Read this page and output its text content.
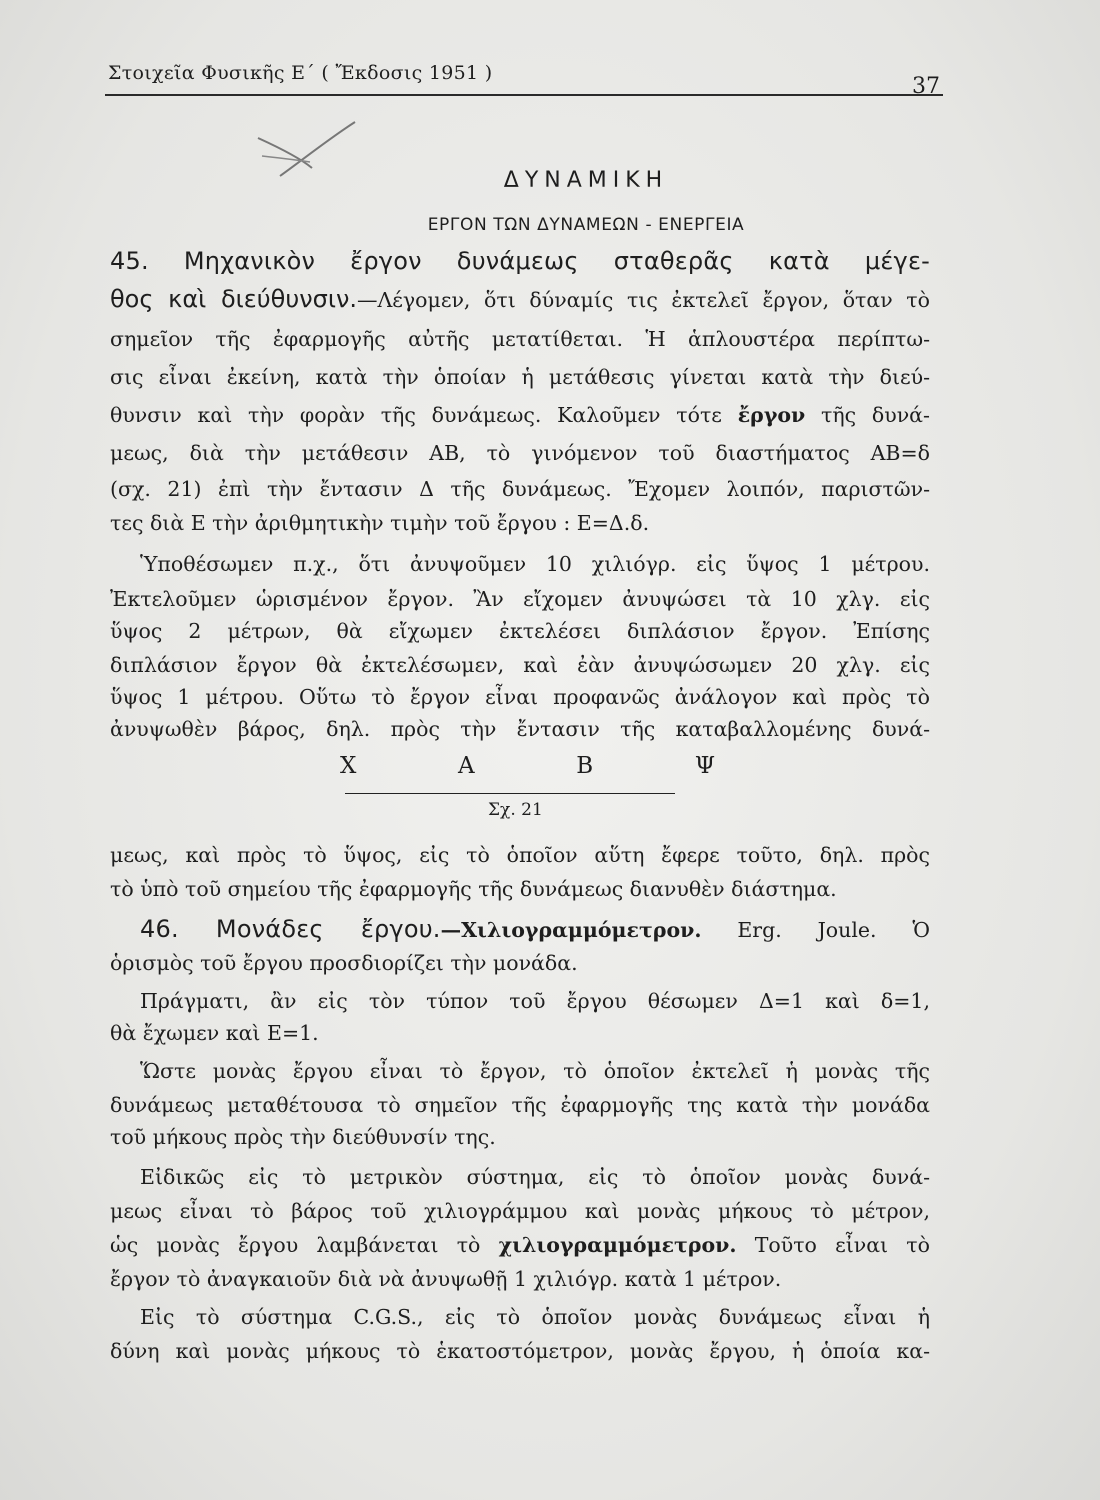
Στοιχεῖα Φυσικῆς Ε΄ ( Ἔκδοσις 1951 )
37
ΔΥΝΑΜΙΚΗ
ΕΡΓΟΝ ΤΩΝ ΔΥΝΑΜΕΩΝ - ΕΝΕΡΓΕΙΑ
45. Μηχανικὸν ἔργον δυνάμεως σταθερᾶς κατὰ μέγε-
θος καὶ διεύθυνσιν.—Λέγομεν, ὅτι δύναμίς τις ἐκτελεῖ ἔργον, ὅταν τὸ
σημεῖον τῆς ἐφαρμογῆς αὐτῆς μετατίθεται. Ἡ ἁπλουστέρα περίπτω-
σις εἶναι ἐκείνη, κατὰ τὴν ὁποίαν ἡ μετάθεσις γίνεται κατὰ τὴν διεύ-
θυνσιν καὶ τὴν φορὰν τῆς δυνάμεως. Καλοῦμεν τότε ἔργον τῆς δυνά-
μεως, διὰ τὴν μετάθεσιν ΑΒ, τὸ γινόμενον τοῦ διαστήματος ΑΒ=δ
(σχ. 21) ἐπὶ τὴν ἔντασιν Δ τῆς δυνάμεως. Ἔχομεν λοιπόν, παριστῶν-
τες διὰ Ε τὴν ἀριθμητικὴν τιμὴν τοῦ ἔργου : Ε=Δ.δ.
Ὑποθέσωμεν π.χ., ὅτι ἀνυψοῦμεν 10 χιλιόγρ. εἰς ὕψος 1 μέτρου.
Ἐκτελοῦμεν ὡρισμένον ἔργον. Ἂν εἴχομεν ἀνυψώσει τὰ 10 χλγ. εἰς
ὕψος 2 μέτρων, θὰ εἴχωμεν ἐκτελέσει διπλάσιον ἔργον. Ἐπίσης
διπλάσιον ἔργον θὰ ἐκτελέσωμεν, καὶ ἐὰν ἀνυψώσωμεν 20 χλγ. εἰς
ὕψος 1 μέτρου. Οὕτω τὸ ἔργον εἶναι προφανῶς ἀνάλογον καὶ πρὸς τὸ
ἀνυψωθὲν βάρος, δηλ. πρὸς τὴν ἔντασιν τῆς καταβαλλομένης δυνά-
Χ	Α	Β	Ψ
Σχ. 21
μεως, καὶ πρὸς τὸ ὕψος, εἰς τὸ ὁποῖον αὕτη ἔφερε τοῦτο, δηλ. πρὸς
τὸ ὑπὸ τοῦ σημείου τῆς ἐφαρμογῆς τῆς δυνάμεως διανυθὲν διάστημα.
46. Μονάδες ἔργου.—Χιλιογραμμόμετρον. Erg. Joule. Ὁ
ὁρισμὸς τοῦ ἔργου προσδιορίζει τὴν μονάδα.
Πράγματι, ἂν εἰς τὸν τύπον τοῦ ἔργου θέσωμεν Δ=1 καὶ δ=1,
θὰ ἔχωμεν καὶ Ε=1.
Ὥστε μονὰς ἔργου εἶναι τὸ ἔργον, τὸ ὁποῖον ἐκτελεῖ ἡ μονὰς τῆς
δυνάμεως μεταθέτουσα τὸ σημεῖον τῆς ἐφαρμογῆς της κατὰ τὴν μονάδα
τοῦ μήκους πρὸς τὴν διεύθυνσίν της.
Εἰδικῶς εἰς τὸ μετρικὸν σύστημα, εἰς τὸ ὁποῖον μονὰς δυνά-
μεως εἶναι τὸ βάρος τοῦ χιλιογράμμου καὶ μονὰς μήκους τὸ μέτρον,
ὡς μονὰς ἔργου λαμβάνεται τὸ χιλιογραμμόμετρον. Τοῦτο εἶναι τὸ
ἔργον τὸ ἀναγκαιοῦν διὰ νὰ ἀνυψωθῇ 1 χιλιόγρ. κατὰ 1 μέτρον.
Εἰς τὸ σύστημα C.G.S., εἰς τὸ ὁποῖον μονὰς δυνάμεως εἶναι ἡ
δύνη καὶ μονὰς μήκους τὸ ἑκατοστόμετρον, μονὰς ἔργου, ἡ ὁποία κα-
